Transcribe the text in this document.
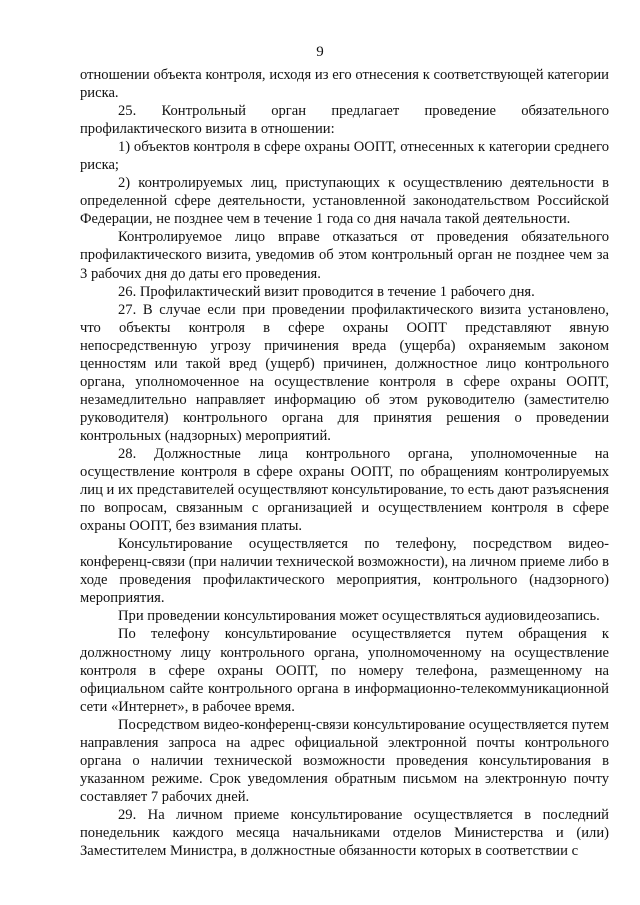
9

отношении объекта контроля, исходя из его отнесения к соответствующей категории риска.

25. Контрольный орган предлагает проведение обязательного профилактического визита в отношении:

1) объектов контроля в сфере охраны ООПТ, отнесенных к категории среднего риска;

2) контролируемых лиц, приступающих к осуществлению деятельности в определенной сфере деятельности, установленной законодательством Российской Федерации, не позднее чем в течение 1 года со дня начала такой деятельности.

Контролируемое лицо вправе отказаться от проведения обязательного профилактического визита, уведомив об этом контрольный орган не позднее чем за 3 рабочих дня до даты его проведения.

26. Профилактический визит проводится в течение 1 рабочего дня.

27. В случае если при проведении профилактического визита установлено, что объекты контроля в сфере охраны ООПТ представляют явную непосредственную угрозу причинения вреда (ущерба) охраняемым законом ценностям или такой вред (ущерб) причинен, должностное лицо контрольного органа, уполномоченное на осуществление контроля в сфере охраны ООПТ, незамедлительно направляет информацию об этом руководителю (заместителю руководителя) контрольного органа для принятия решения о проведении контрольных (надзорных) мероприятий.

28. Должностные лица контрольного органа, уполномоченные на осуществление контроля в сфере охраны ООПТ, по обращениям контролируемых лиц и их представителей осуществляют консультирование, то есть дают разъяснения по вопросам, связанным с организацией и осуществлением контроля в сфере охраны ООПТ, без взимания платы.

Консультирование осуществляется по телефону, посредством видео-конференц-связи (при наличии технической возможности), на личном приеме либо в ходе проведения профилактического мероприятия, контрольного (надзорного) мероприятия.

При проведении консультирования может осуществляться аудиовидеозапись.

По телефону консультирование осуществляется путем обращения к должностному лицу контрольного органа, уполномоченному на осуществление контроля в сфере охраны ООПТ, по номеру телефона, размещенному на официальном сайте контрольного органа в информационно-телекоммуникационной сети «Интернет», в рабочее время.

Посредством видео-конференц-связи консультирование осуществляется путем направления запроса на адрес официальной электронной почты контрольного органа о наличии технической возможности проведения консультирования в указанном режиме. Срок уведомления обратным письмом на электронную почту составляет 7 рабочих дней.

29. На личном приеме консультирование осуществляется в последний понедельник каждого месяца начальниками отделов Министерства и (или) Заместителем Министра, в должностные обязанности которых в соответствии с
